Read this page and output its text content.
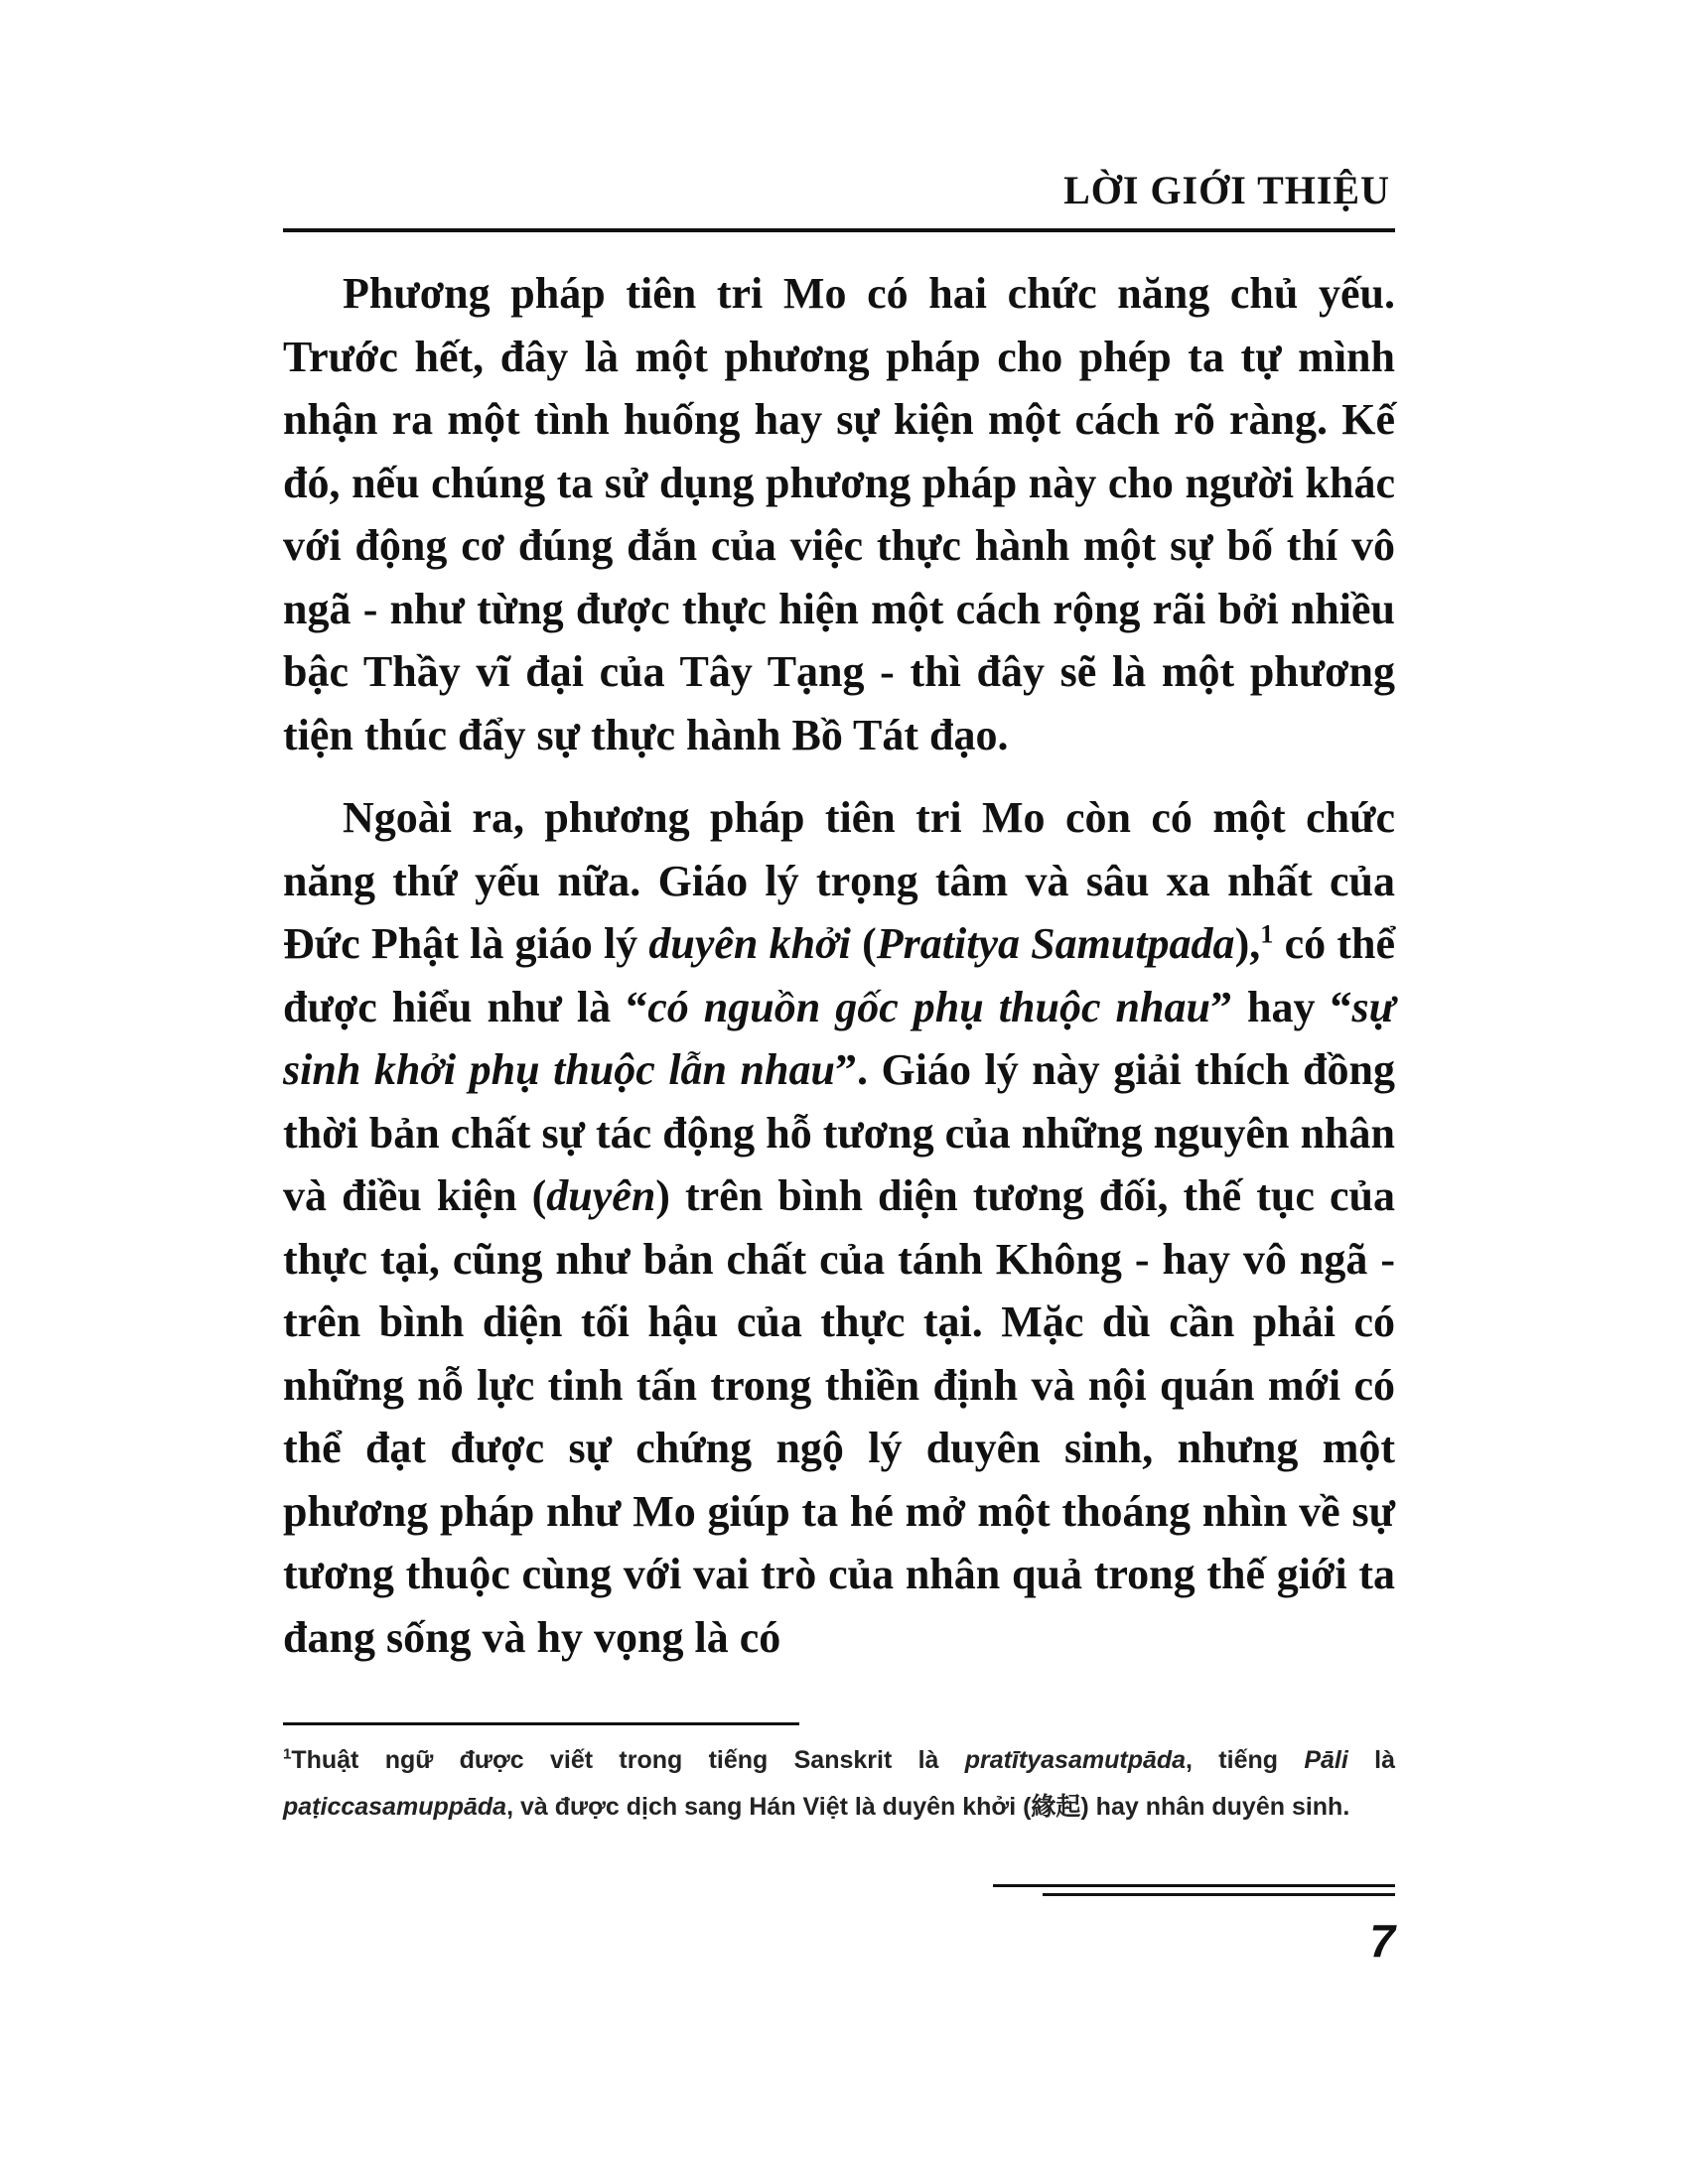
LỜI GIỚI THIỆU

Phương pháp tiên tri Mo có hai chức năng chủ yếu. Trước hết, đây là một phương pháp cho phép ta tự mình nhận ra một tình huống hay sự kiện một cách rõ ràng. Kế đó, nếu chúng ta sử dụng phương pháp này cho người khác với động cơ đúng đắn của việc thực hành một sự bố thí vô ngã - như từng được thực hiện một cách rộng rãi bởi nhiều bậc Thầy vĩ đại của Tây Tạng - thì đây sẽ là một phương tiện thúc đẩy sự thực hành Bồ Tát đạo.

Ngoài ra, phương pháp tiên tri Mo còn có một chức năng thứ yếu nữa. Giáo lý trọng tâm và sâu xa nhất của Đức Phật là giáo lý duyên khởi (Pratitya Samutpada),$^1$ có thể được hiểu như là “có nguồn gốc phụ thuộc nhau” hay “sự sinh khởi phụ thuộc lẫn nhau”. Giáo lý này giải thích đồng thời bản chất sự tác động hỗ tương của những nguyên nhân và điều kiện (duyên) trên bình diện tương đối, thế tục của thực tại, cũng như bản chất của tánh Không - hay vô ngã - trên bình diện tối hậu của thực tại. Mặc dù cần phải có những nỗ lực tinh tấn trong thiền định và nội quán mới có thể đạt được sự chứng ngộ lý duyên sinh, nhưng một phương pháp như Mo giúp ta hé mở một thoáng nhìn về sự tương thuộc cùng với vai trò của nhân quả trong thế giới ta đang sống và hy vọng là có

$^1$Thuật ngữ được viết trong tiếng Sanskrit là pratītyasamutpāda, tiếng Pāli là paṭiccasamuppāda, và được dịch sang Hán Việt là duyên khởi (緣起) hay nhân duyên sinh.
7
